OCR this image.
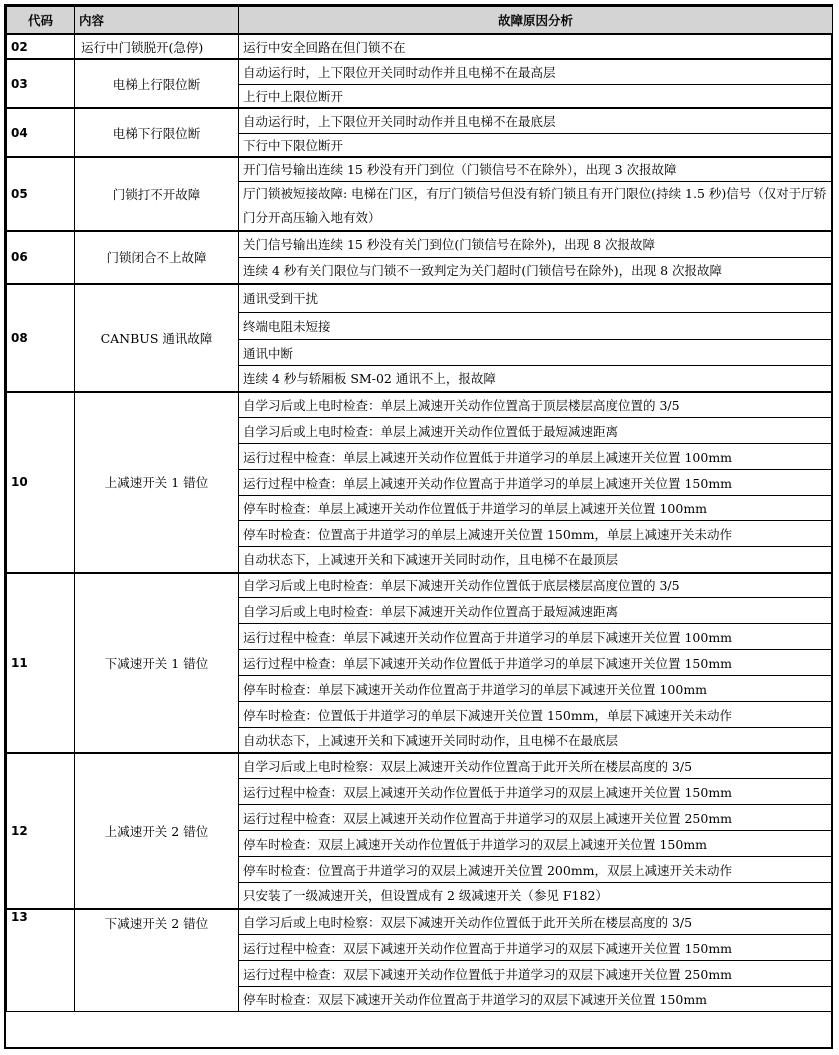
代码	内容	故障原因分析
02	运行中门锁脱开(急停)	运行中安全回路在但门锁不在
03	电梯上行限位断	自动运行时，上下限位开关同时动作并且电梯不在最高层
		上行中上限位断开
04	电梯下行限位断	自动运行时，上下限位开关同时动作并且电梯不在最底层
		下行中下限位断开
05	门锁打不开故障	开门信号输出连续 15 秒没有开门到位（门锁信号不在除外），出现 3 次报故障
		厅门锁被短接故障: 电梯在门区，有厅门锁信号但没有轿门锁且有开门限位(持续 1.5 秒)信号（仅对于厅轿门分开高压输入地有效）
06	门锁闭合不上故障	关门信号输出连续 15 秒没有关门到位(门锁信号在除外)，出现 8 次报故障
		连续 4 秒有关门限位与门锁不一致判定为关门超时(门锁信号在除外)，出现 8 次报故障
08	CANBUS 通讯故障	通讯受到干扰
		终端电阻未短接
		通讯中断
		连续 4 秒与轿厢板 SM-02 通讯不上，报故障
10	上减速开关 1 错位	自学习后或上电时检查：单层上减速开关动作位置高于顶层楼层高度位置的 3/5
		自学习后或上电时检查：单层上减速开关动作位置低于最短减速距离
		运行过程中检查：单层上减速开关动作位置低于井道学习的单层上减速开关位置 100mm
		运行过程中检查：单层上减速开关动作位置高于井道学习的单层上减速开关位置 150mm
		停车时检查：单层上减速开关动作位置低于井道学习的单层上减速开关位置 100mm
		停车时检查：位置高于井道学习的单层上减速开关位置 150mm，单层上减速开关未动作
		自动状态下，上减速开关和下减速开关同时动作，且电梯不在最顶层
11	下减速开关 1 错位	自学习后或上电时检查：单层下减速开关动作位置低于底层楼层高度位置的 3/5
		自学习后或上电时检查：单层下减速开关动作位置高于最短减速距离
		运行过程中检查：单层下减速开关动作位置高于井道学习的单层下减速开关位置 100mm
		运行过程中检查：单层下减速开关动作位置低于井道学习的单层下减速开关位置 150mm
		停车时检查：单层下减速开关动作位置高于井道学习的单层下减速开关位置 100mm
		停车时检查：位置低于井道学习的单层下减速开关位置 150mm，单层下减速开关未动作
		自动状态下，上减速开关和下减速开关同时动作，且电梯不在最底层
12	上减速开关 2 错位	自学习后或上电时检察：双层上减速开关动作位置高于此开关所在楼层高度的 3/5
		运行过程中检查：双层上减速开关动作位置低于井道学习的双层上减速开关位置 150mm
		运行过程中检查：双层上减速开关动作位置高于井道学习的双层上减速开关位置 250mm
		停车时检查：双层上减速开关动作位置低于井道学习的双层上减速开关位置 150mm
		停车时检查：位置高于井道学习的双层上减速开关位置 200mm，双层上减速开关未动作
		只安装了一级减速开关，但设置成有 2 级减速开关（参见 F182）
13	下减速开关 2 错位	自学习后或上电时检察：双层下减速开关动作位置低于此开关所在楼层高度的 3/5
		运行过程中检查：双层下减速开关动作位置高于井道学习的双层下减速开关位置 150mm
		运行过程中检查：双层下减速开关动作位置低于井道学习的双层下减速开关位置 250mm
		停车时检查：双层下减速开关动作位置高于井道学习的双层下减速开关位置 150mm
